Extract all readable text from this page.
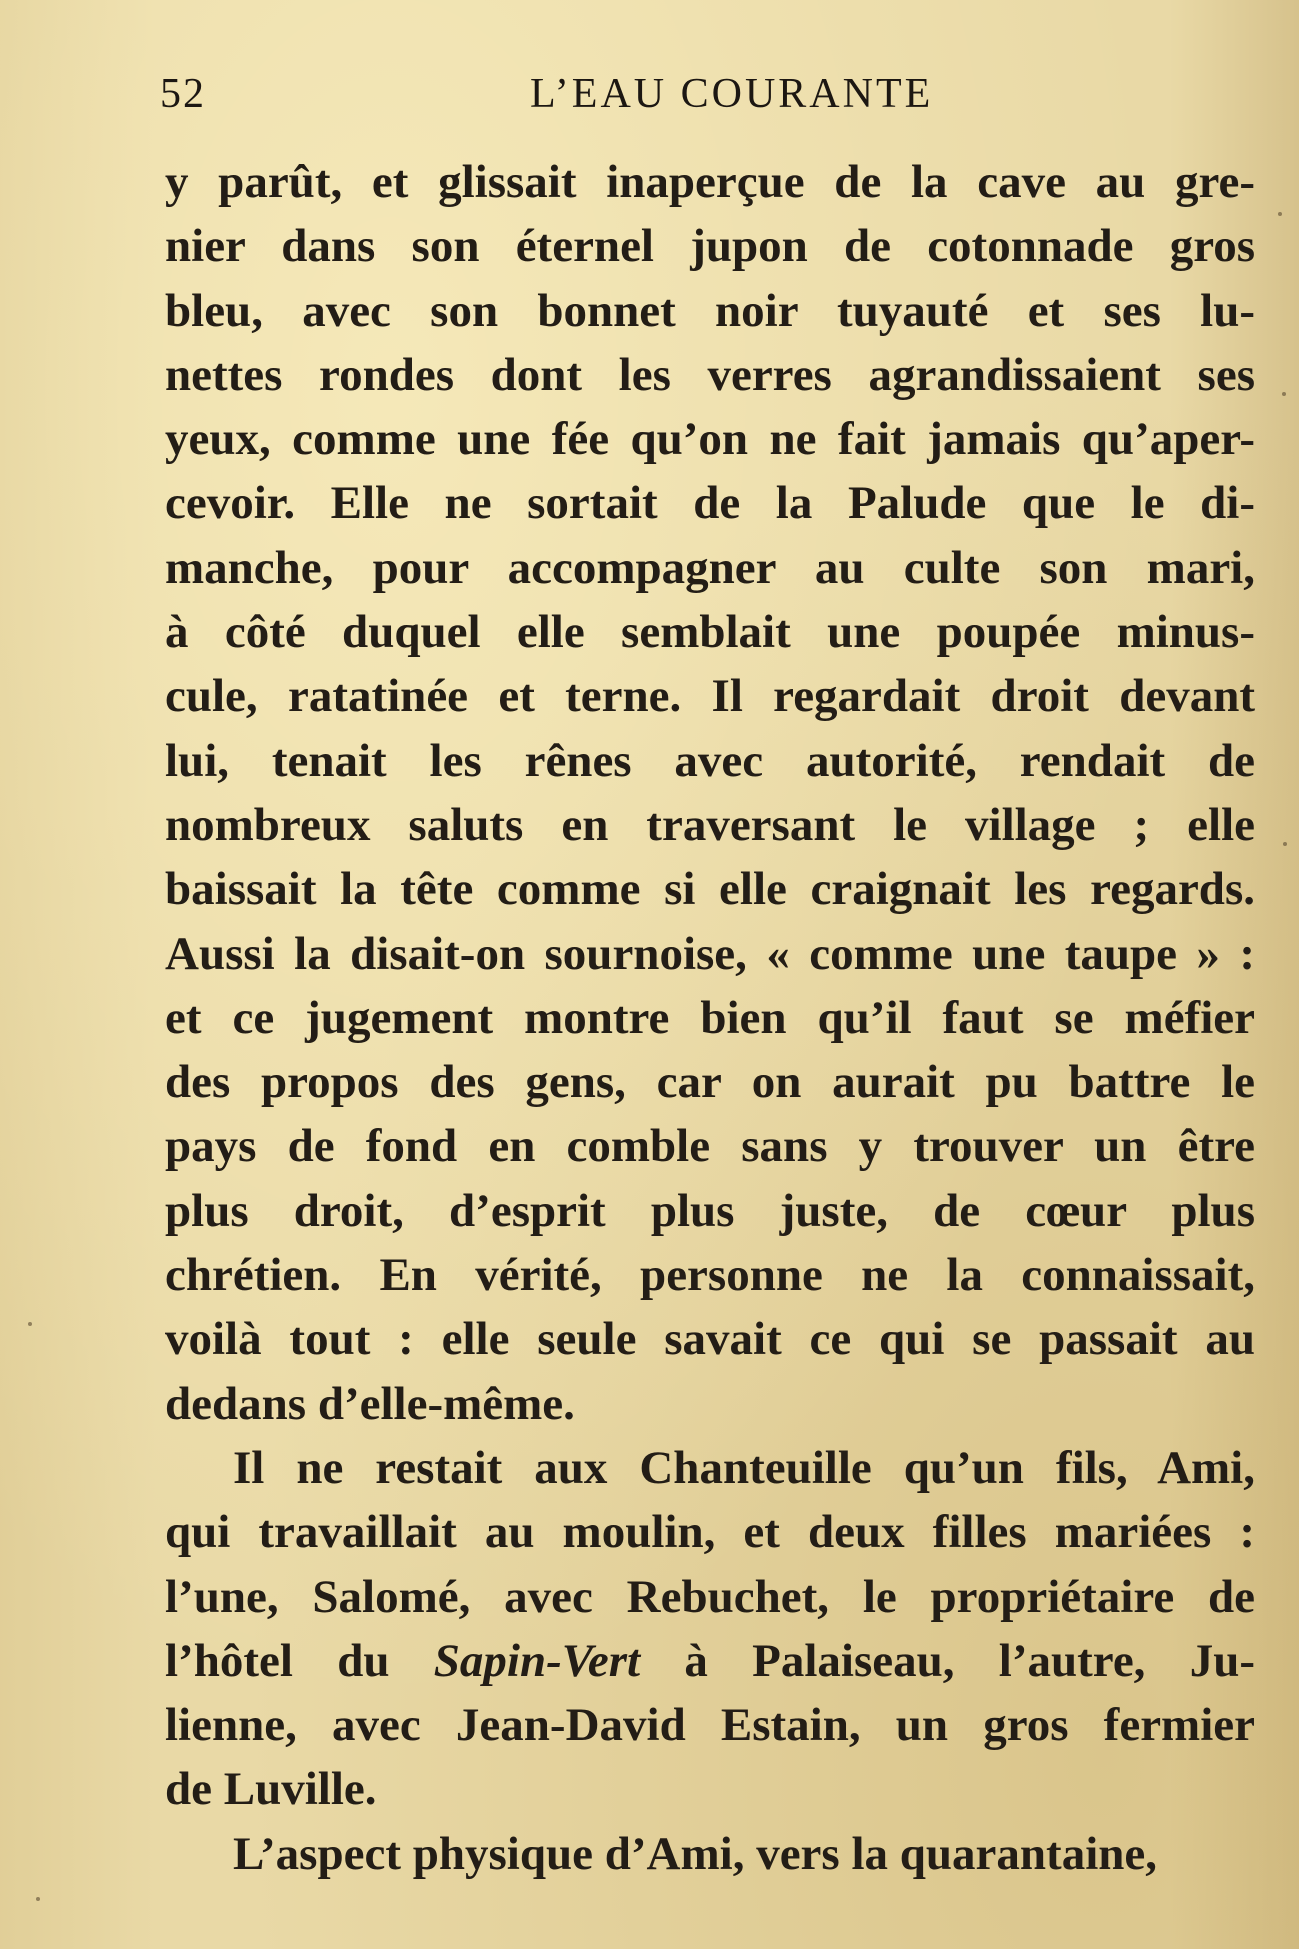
52	L’EAU COURANTE
y parût, et glissait inaperçue de la cave au gre-
nier dans son éternel jupon de cotonnade gros
bleu, avec son bonnet noir tuyauté et ses lu-
nettes rondes dont les verres agrandissaient ses
yeux, comme une fée qu’on ne fait jamais qu’aper-
cevoir. Elle ne sortait de la Palude que le di-
manche, pour accompagner au culte son mari,
à côté duquel elle semblait une poupée minus-
cule, ratatinée et terne. Il regardait droit devant
lui, tenait les rênes avec autorité, rendait de
nombreux saluts en traversant le village ; elle
baissait la tête comme si elle craignait les regards.
Aussi la disait-on sournoise, « comme une taupe » :
et ce jugement montre bien qu’il faut se méfier
des propos des gens, car on aurait pu battre le
pays de fond en comble sans y trouver un être
plus droit, d’esprit plus juste, de cœur plus
chrétien. En vérité, personne ne la connaissait,
voilà tout : elle seule savait ce qui se passait au
dedans d’elle-même.
Il ne restait aux Chanteuille qu’un fils, Ami,
qui travaillait au moulin, et deux filles mariées :
l’une, Salomé, avec Rebuchet, le propriétaire de
l’hôtel du Sapin-Vert à Palaiseau, l’autre, Ju-
lienne, avec Jean-David Estain, un gros fermier
de Luville.
L’aspect physique d’Ami, vers la quarantaine,
